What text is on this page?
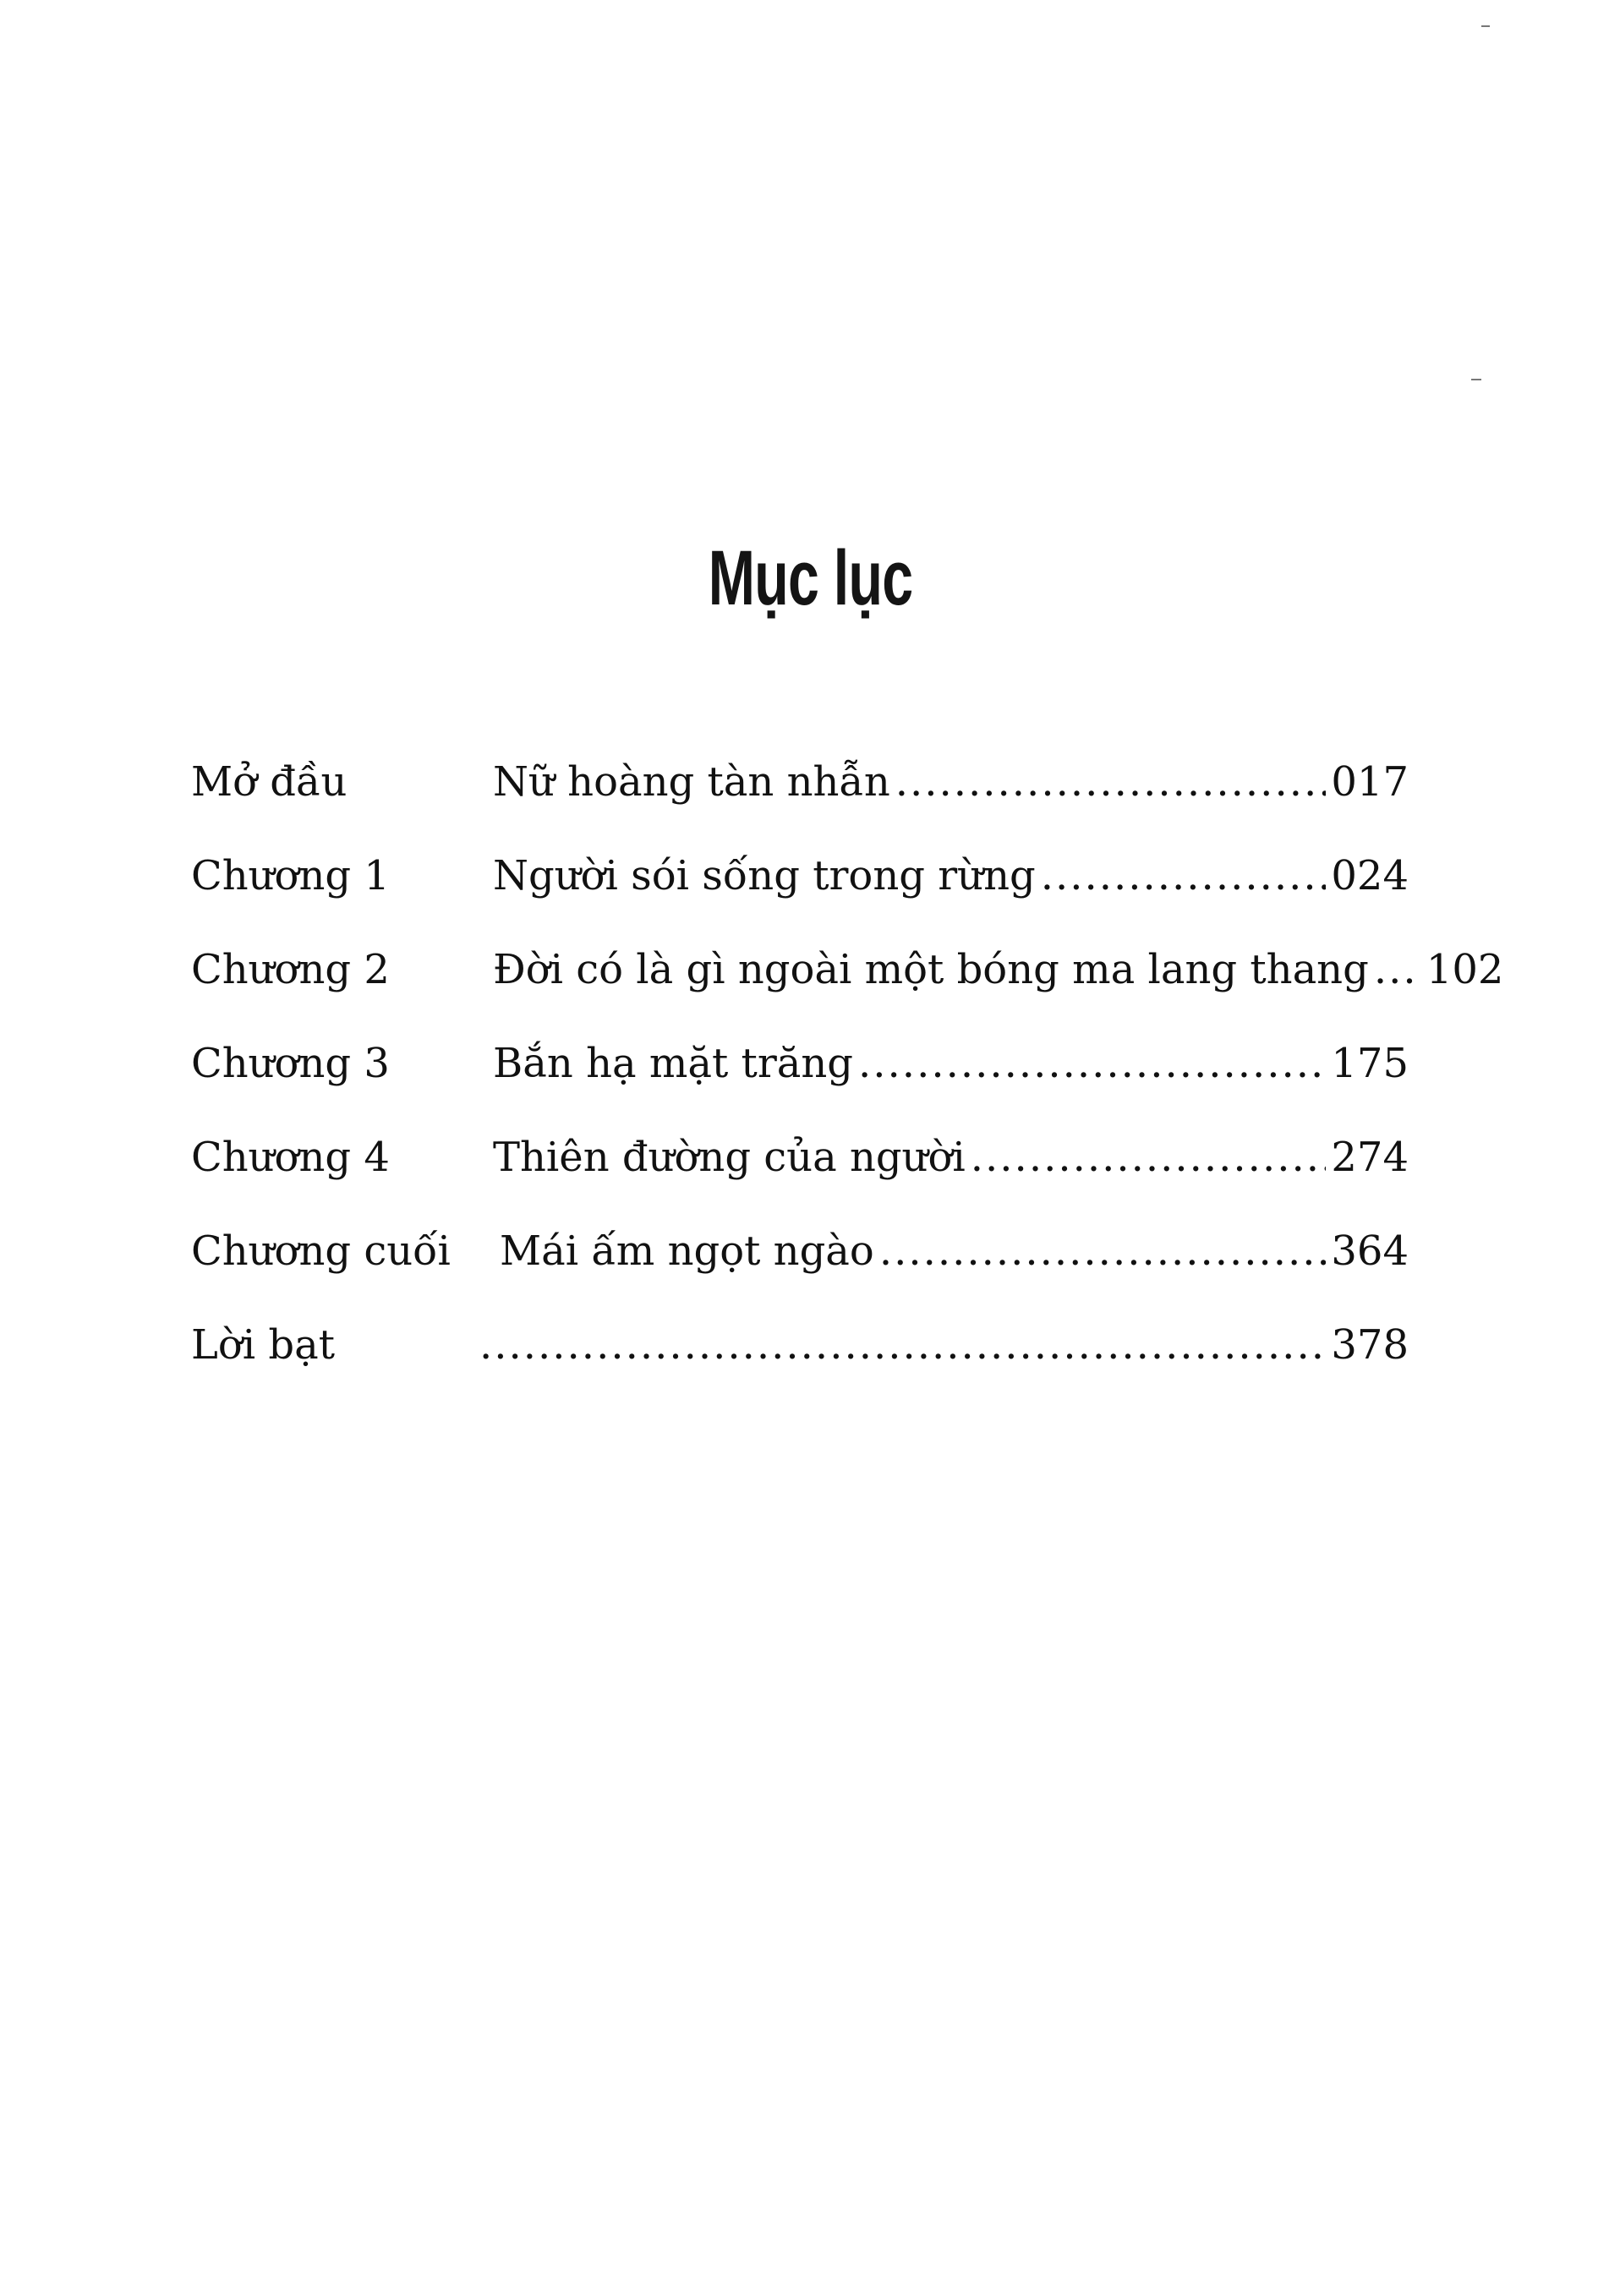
Mục lục
Mở đầu	Nữ hoàng tàn nhẫn .....	017
Chương 1	Người sói sống trong rừng .....	024
Chương 2	Đời có là gì ngoài một bóng ma lang thang ..... 102
Chương 3	Bắn hạ mặt trăng .....	175
Chương 4	Thiên đường của người .....	274
Chương cuối	Mái ấm ngọt ngào .....	364
Lời bạt .....	378
